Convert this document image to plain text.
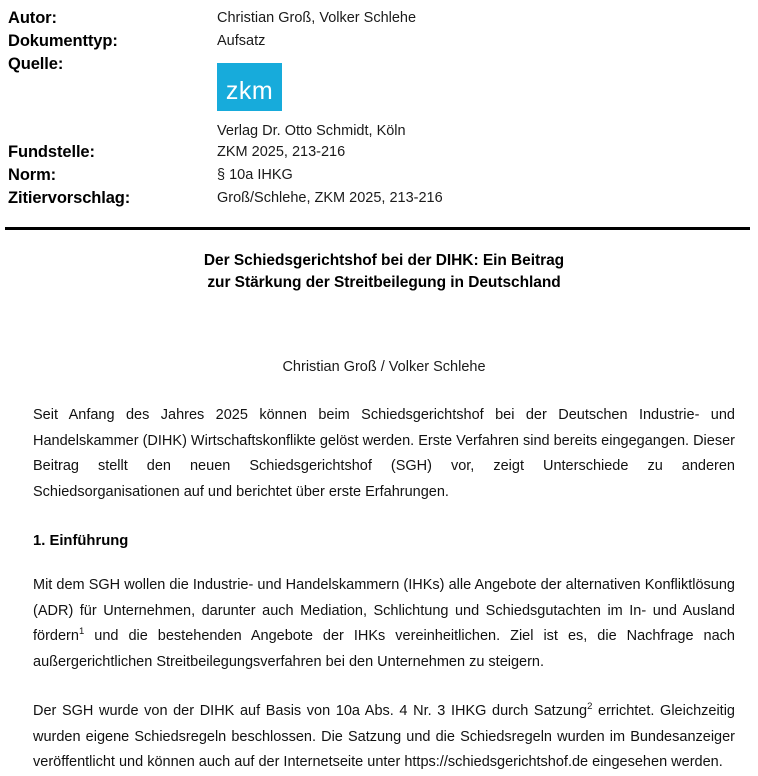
Autor:	Christian Groß, Volker Schlehe
Dokumenttyp:	Aufsatz
Quelle:
zkm
Verlag Dr. Otto Schmidt, Köln
Fundstelle:	ZKM 2025, 213-216
Norm:	§ 10a IHKG
Zitiervorschlag:	Groß/Schlehe, ZKM 2025, 213-216
Der Schiedsgerichtshof bei der DIHK: Ein Beitrag
zur Stärkung der Streitbeilegung in Deutschland
Christian Groß / Volker Schlehe

Seit Anfang des Jahres 2025 können beim Schiedsgerichtshof bei der Deutschen Industrie- und Handelskammer (DIHK) Wirtschaftskonflikte gelöst werden. Erste Verfahren sind bereits eingegangen. Dieser Beitrag stellt den neuen Schiedsgerichtshof (SGH) vor, zeigt Unterschiede zu anderen Schiedsorganisationen auf und berichtet über erste Erfahrungen.

1. Einführung

Mit dem SGH wollen die Industrie- und Handelskammern (IHKs) alle Angebote der alternativen Konfliktlösung (ADR) für Unternehmen, darunter auch Mediation, Schlichtung und Schiedsgutachten im In- und Ausland fördern$^1$ und die bestehenden Angebote der IHKs vereinheitlichen. Ziel ist es, die Nachfrage nach außergerichtlichen Streitbeilegungsverfahren bei den Unternehmen zu steigern.

Der SGH wurde von der DIHK auf Basis von 10a Abs. 4 Nr. 3 IHKG durch Satzung$^2$ errichtet. Gleichzeitig wurden eigene Schiedsregeln beschlossen. Die Satzung und die Schiedsregeln wurden im Bundesanzeiger veröffentlicht und können auch auf der Internetseite unter https://schiedsgerichtshof.de eingesehen werden.
